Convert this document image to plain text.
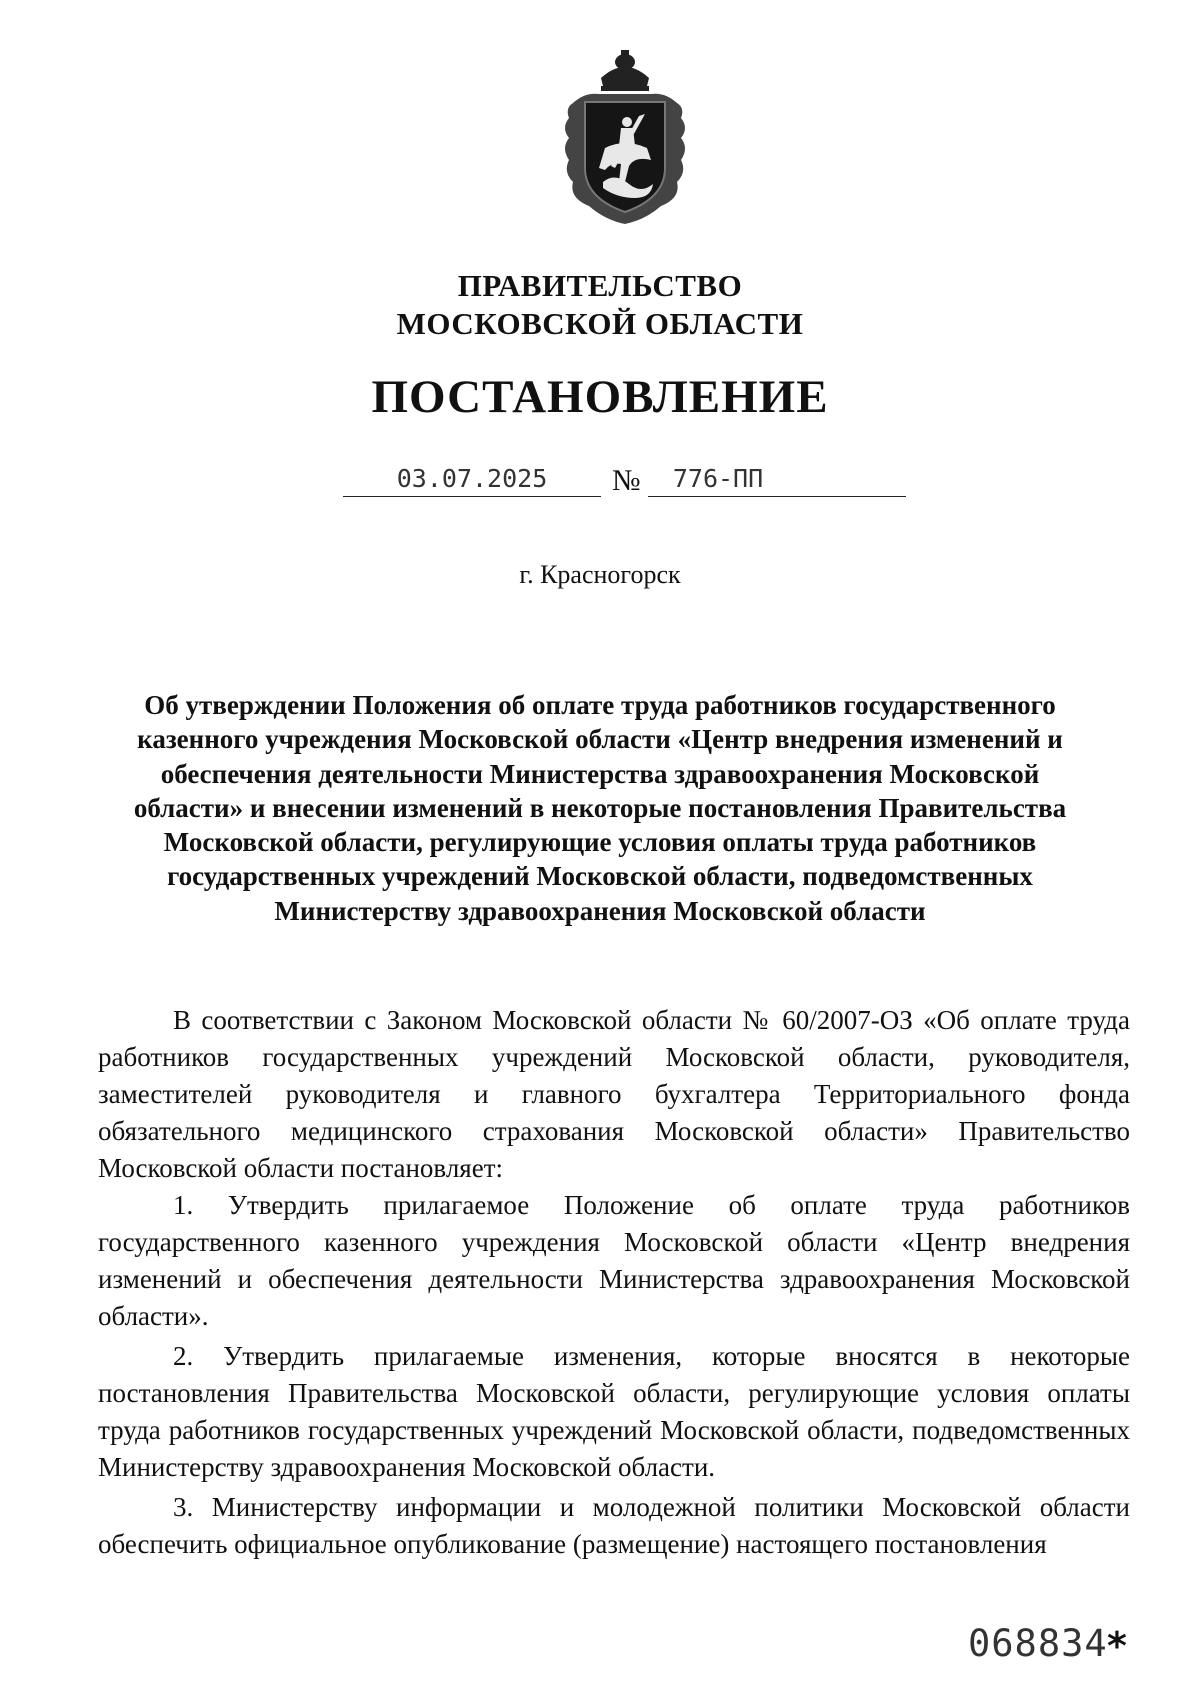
ПРАВИТЕЛЬСТВО
МОСКОВСКОЙ ОБЛАСТИ
ПОСТАНОВЛЕНИЕ
03.07.2025	№	776-ПП
г. Красногорск
Об утверждении Положения об оплате труда работников государственного казенного учреждения Московской области «Центр внедрения изменений и обеспечения деятельности Министерства здравоохранения Московской области» и внесении изменений в некоторые постановления Правительства Московской области, регулирующие условия оплаты труда работников государственных учреждений Московской области, подведомственных Министерству здравоохранения Московской области

В соответствии с Законом Московской области № 60/2007-ОЗ «Об оплате труда работников государственных учреждений Московской области, руководителя, заместителей руководителя и главного бухгалтера Территориального фонда обязательного медицинского страхования Московской области» Правительство Московской области постановляет:

1. Утвердить прилагаемое Положение об оплате труда работников государственного казенного учреждения Московской области «Центр внедрения изменений и обеспечения деятельности Министерства здравоохранения Московской области».

2. Утвердить прилагаемые изменения, которые вносятся в некоторые постановления Правительства Московской области, регулирующие условия оплаты труда работников государственных учреждений Московской области, подведомственных Министерству здравоохранения Московской области.

3. Министерству информации и молодежной политики Московской области обеспечить официальное опубликование (размещение) настоящего постановления

068834 *
